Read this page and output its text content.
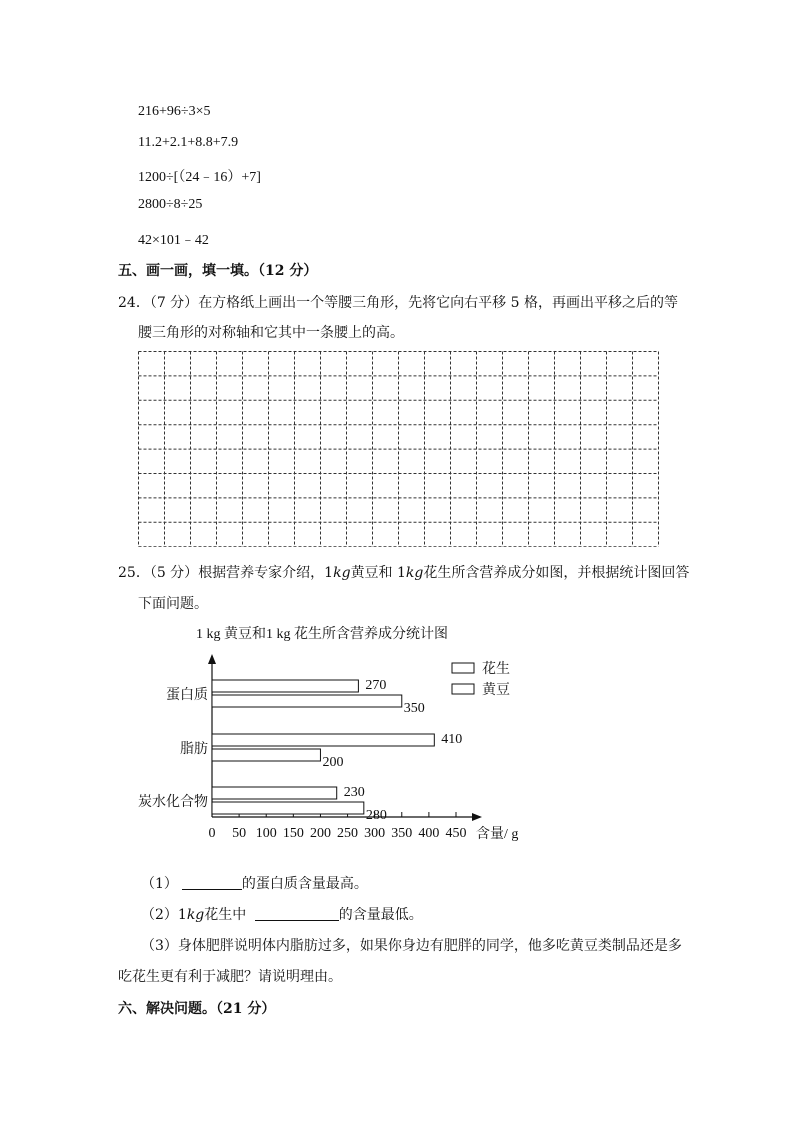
216+96÷3×5
11.2+2.1+8.8+7.9
1200÷[（24﹣16）+7]
2800÷8÷25
42×101﹣42
五、画一画，填一填。（12 分）
24．（7 分）在方格纸上画出一个等腰三角形，先将它向右平移 5 格，再画出平移之后的等
腰三角形的对称轴和它其中一条腰上的高。
25．（5 分）根据营养专家介绍，1kg黄豆和 1kg花生所含营养成分如图，并根据统计图回答
下面问题。
1 kg 黄豆和1 kg 花生所含营养成分统计图
0 50 100 150 200 250 300 350 400 450 含量/ g
蛋白质
270
350
脂肪
410
200
炭水化合物
230
280
花生
黄豆
（1）	的蛋白质含量最高。
（2）1kg花生中	的含量最低。
（3）身体肥胖说明体内脂肪过多，如果你身边有肥胖的同学，他多吃黄豆类制品还是多
吃花生更有利于减肥？请说明理由。
六、解决问题。（21 分）
